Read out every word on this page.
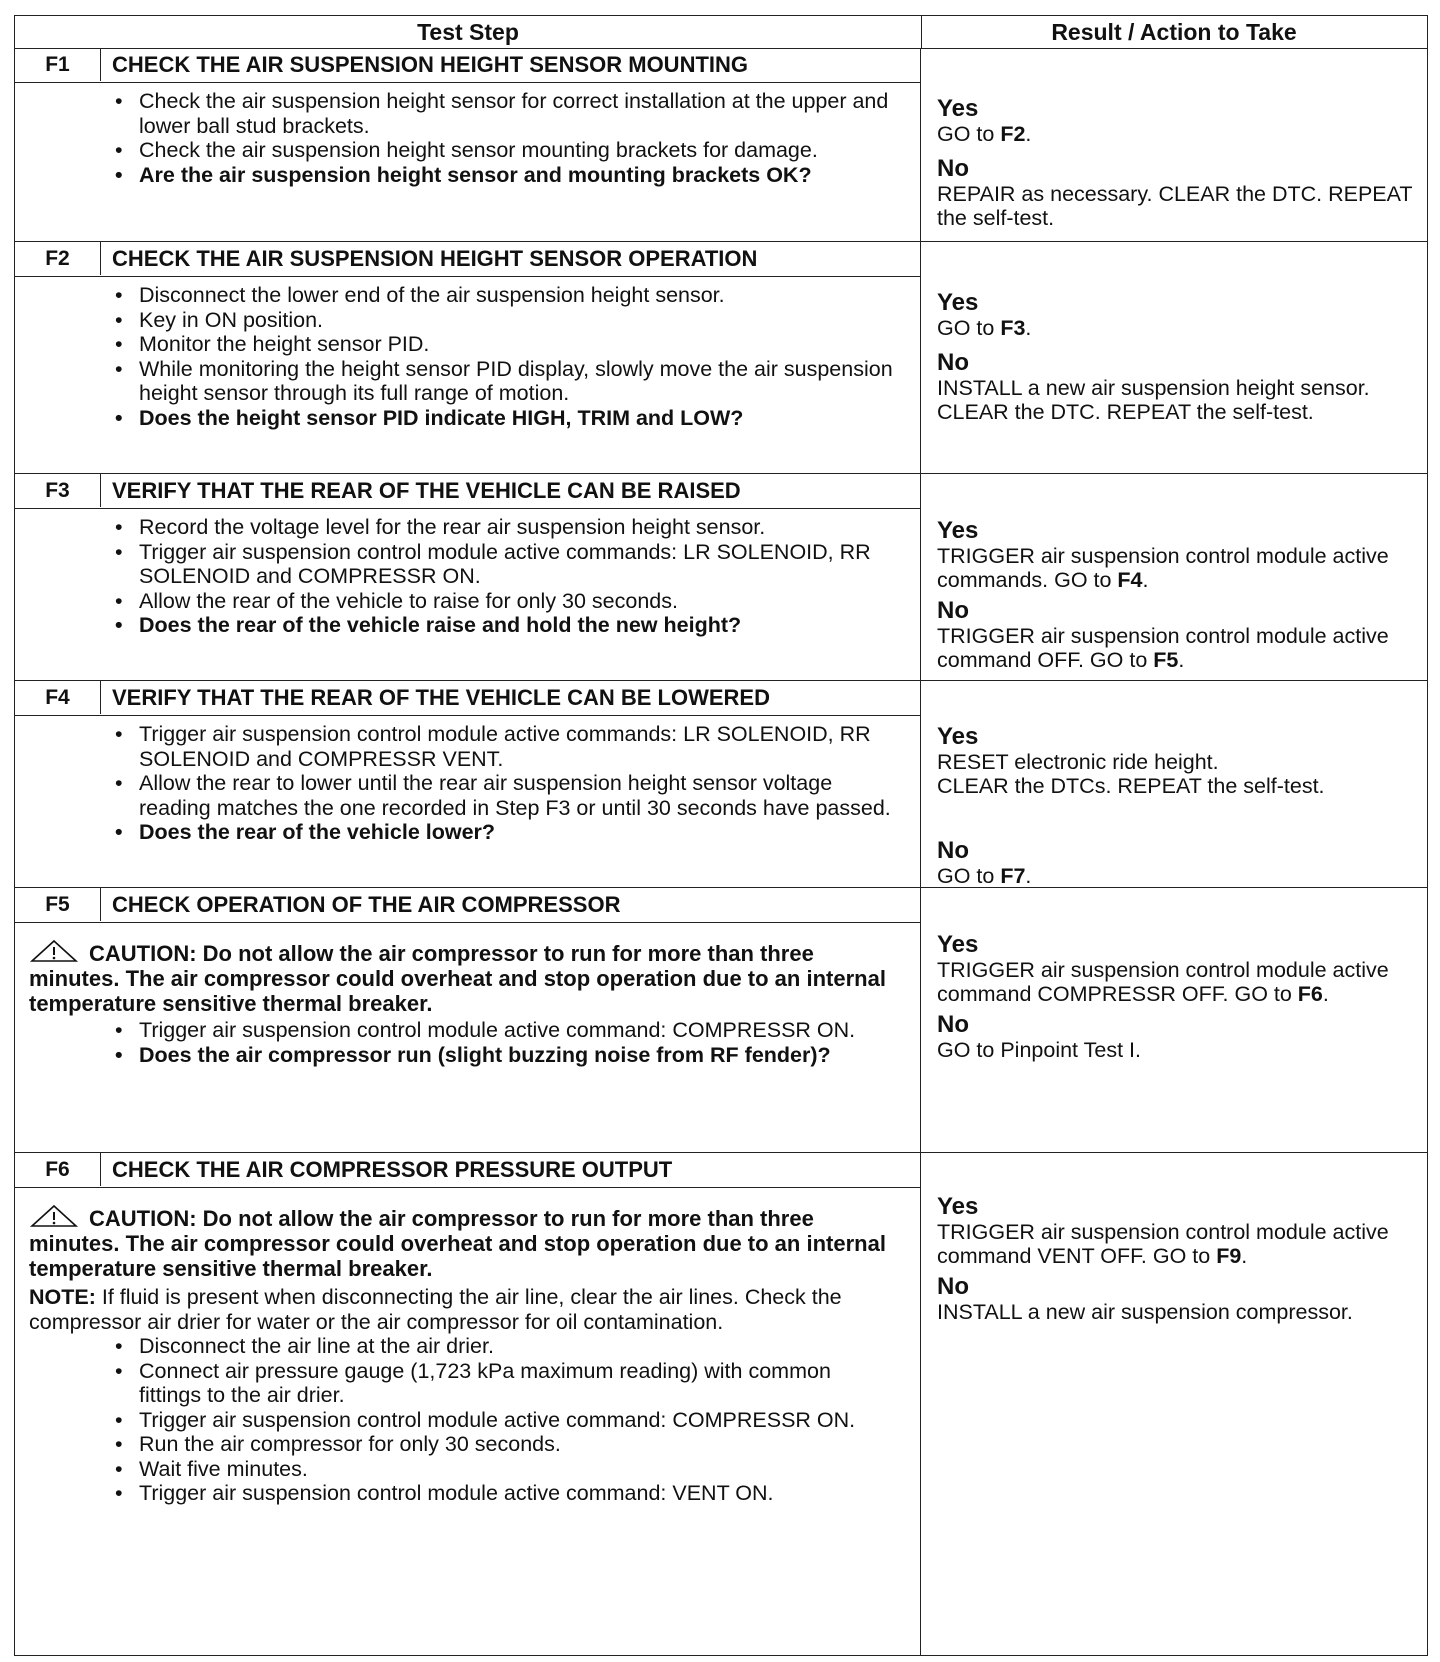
Test Step	Result / Action to Take
F1	CHECK THE AIR SUSPENSION HEIGHT SENSOR MOUNTING
• Check the air suspension height sensor for correct installation at the upper and lower ball stud brackets.
• Check the air suspension height sensor mounting brackets for damage.
• Are the air suspension height sensor and mounting brackets OK?

Yes

GO to F2.

No

REPAIR as necessary. CLEAR the DTC. REPEAT the self-test.

F2	CHECK THE AIR SUSPENSION HEIGHT SENSOR OPERATION
• Disconnect the lower end of the air suspension height sensor.
• Key in ON position.
• Monitor the height sensor PID.
• While monitoring the height sensor PID display, slowly move the air suspension height sensor through its full range of motion.
• Does the height sensor PID indicate HIGH, TRIM and LOW?

Yes

GO to F3.

No

INSTALL a new air suspension height sensor.

CLEAR the DTC. REPEAT the self-test.

F3	VERIFY THAT THE REAR OF THE VEHICLE CAN BE RAISED
• Record the voltage level for the rear air suspension height sensor.
• Trigger air suspension control module active commands: LR SOLENOID, RR SOLENOID and COMPRESSR ON.
• Allow the rear of the vehicle to raise for only 30 seconds.
• Does the rear of the vehicle raise and hold the new height?

Yes

TRIGGER air suspension control module active commands. GO to F4.

No

TRIGGER air suspension control module active command OFF. GO to F5.

F4	VERIFY THAT THE REAR OF THE VEHICLE CAN BE LOWERED
• Trigger air suspension control module active commands: LR SOLENOID, RR SOLENOID and COMPRESSR VENT.
• Allow the rear to lower until the rear air suspension height sensor voltage reading matches the one recorded in Step F3 or until 30 seconds have passed.
• Does the rear of the vehicle lower?

Yes

RESET electronic ride height.

CLEAR the DTCs. REPEAT the self-test.

No

GO to F7.

F5	CHECK OPERATION OF THE AIR COMPRESSOR
CAUTION: Do not allow the air compressor to run for more than three minutes. The air compressor could overheat and stop operation due to an internal temperature sensitive thermal breaker.
• Trigger air suspension control module active command: COMPRESSR ON.
• Does the air compressor run (slight buzzing noise from RF fender)?

Yes

TRIGGER air suspension control module active command COMPRESSR OFF. GO to F6.

No

GO to Pinpoint Test I.

F6	CHECK THE AIR COMPRESSOR PRESSURE OUTPUT
CAUTION: Do not allow the air compressor to run for more than three minutes. The air compressor could overheat and stop operation due to an internal temperature sensitive thermal breaker.
NOTE: If fluid is present when disconnecting the air line, clear the air lines. Check the compressor air drier for water or the air compressor for oil contamination.
• Disconnect the air line at the air drier.
• Connect air pressure gauge (1,723 kPa maximum reading) with common fittings to the air drier.
• Trigger air suspension control module active command: COMPRESSR ON.
• Run the air compressor for only 30 seconds.
• Wait five minutes.
• Trigger air suspension control module active command: VENT ON.

Yes

TRIGGER air suspension control module active command VENT OFF. GO to F9.

No

INSTALL a new air suspension compressor.
